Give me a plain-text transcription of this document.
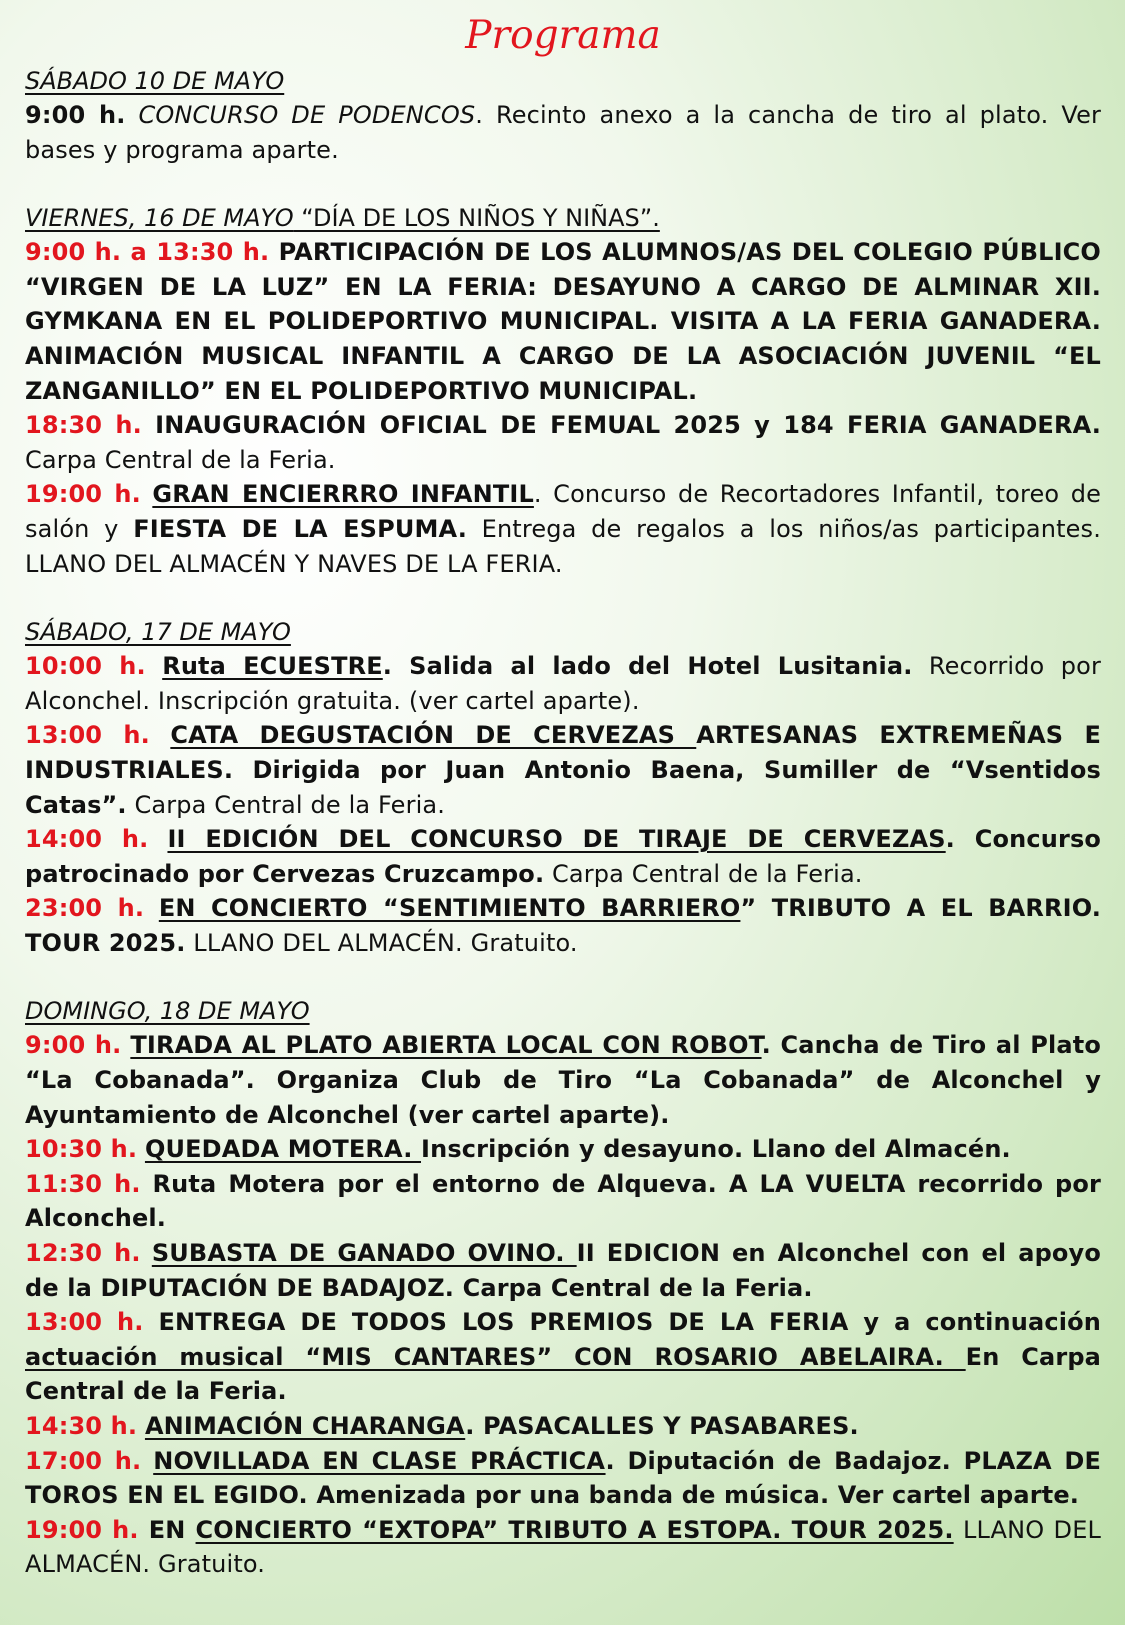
Programa
SÁBADO 10 DE MAYO

9:00 h. CONCURSO DE PODENCOS. Recinto anexo a la cancha de tiro al plato. Ver bases y programa aparte.

VIERNES, 16 DE MAYO “DÍA DE LOS NIÑOS Y NIÑAS”.

9:00 h. a 13:30 h. PARTICIPACIÓN DE LOS ALUMNOS/AS DEL COLEGIO PÚBLICO “VIRGEN DE LA LUZ” EN LA FERIA: DESAYUNO A CARGO DE ALMINAR XII. GYMKANA EN EL POLIDEPORTIVO MUNICIPAL. VISITA A LA FERIA GANADERA. ANIMACIÓN MUSICAL INFANTIL A CARGO DE LA ASOCIACIÓN JUVENIL “EL ZANGANILLO” EN EL POLIDEPORTIVO MUNICIPAL.

18:30 h. INAUGURACIÓN OFICIAL DE FEMUAL 2025 y 184 FERIA GANADERA. Carpa Central de la Feria.

19:00 h. GRAN ENCIERRRO INFANTIL. Concurso de Recortadores Infantil, toreo de salón y FIESTA DE LA ESPUMA. Entrega de regalos a los niños/as participantes. LLANO DEL ALMACÉN Y NAVES DE LA FERIA.

SÁBADO, 17 DE MAYO

10:00 h. Ruta ECUESTRE. Salida al lado del Hotel Lusitania. Recorrido por Alconchel. Inscripción gratuita. (ver cartel aparte).

13:00 h. CATA DEGUSTACIÓN DE CERVEZAS ARTESANAS EXTREMEÑAS E INDUSTRIALES. Dirigida por Juan Antonio Baena, Sumiller de “Vsentidos Catas”. Carpa Central de la Feria.

14:00 h. II EDICIÓN DEL CONCURSO DE TIRAJE DE CERVEZAS. Concurso patrocinado por Cervezas Cruzcampo. Carpa Central de la Feria.

23:00 h. EN CONCIERTO “SENTIMIENTO BARRIERO” TRIBUTO A EL BARRIO. TOUR 2025. LLANO DEL ALMACÉN. Gratuito.

DOMINGO, 18 DE MAYO

9:00 h. TIRADA AL PLATO ABIERTA LOCAL CON ROBOT. Cancha de Tiro al Plato “La Cobanada”. Organiza Club de Tiro “La Cobanada” de Alconchel y Ayuntamiento de Alconchel (ver cartel aparte).

10:30 h. QUEDADA MOTERA. Inscripción y desayuno. Llano del Almacén.

11:30 h. Ruta Motera por el entorno de Alqueva. A LA VUELTA recorrido por Alconchel.

12:30 h. SUBASTA DE GANADO OVINO. II EDICION en Alconchel con el apoyo de la DIPUTACIÓN DE BADAJOZ. Carpa Central de la Feria.

13:00 h. ENTREGA DE TODOS LOS PREMIOS DE LA FERIA y a continuación actuación musical “MIS CANTARES” CON ROSARIO ABELAIRA. En Carpa Central de la Feria.

14:30 h. ANIMACIÓN CHARANGA. PASACALLES Y PASABARES.

17:00 h. NOVILLADA EN CLASE PRÁCTICA. Diputación de Badajoz. PLAZA DE TOROS EN EL EGIDO. Amenizada por una banda de música. Ver cartel aparte.

19:00 h. EN CONCIERTO “EXTOPA” TRIBUTO A ESTOPA. TOUR 2025. LLANO DEL ALMACÉN. Gratuito.
